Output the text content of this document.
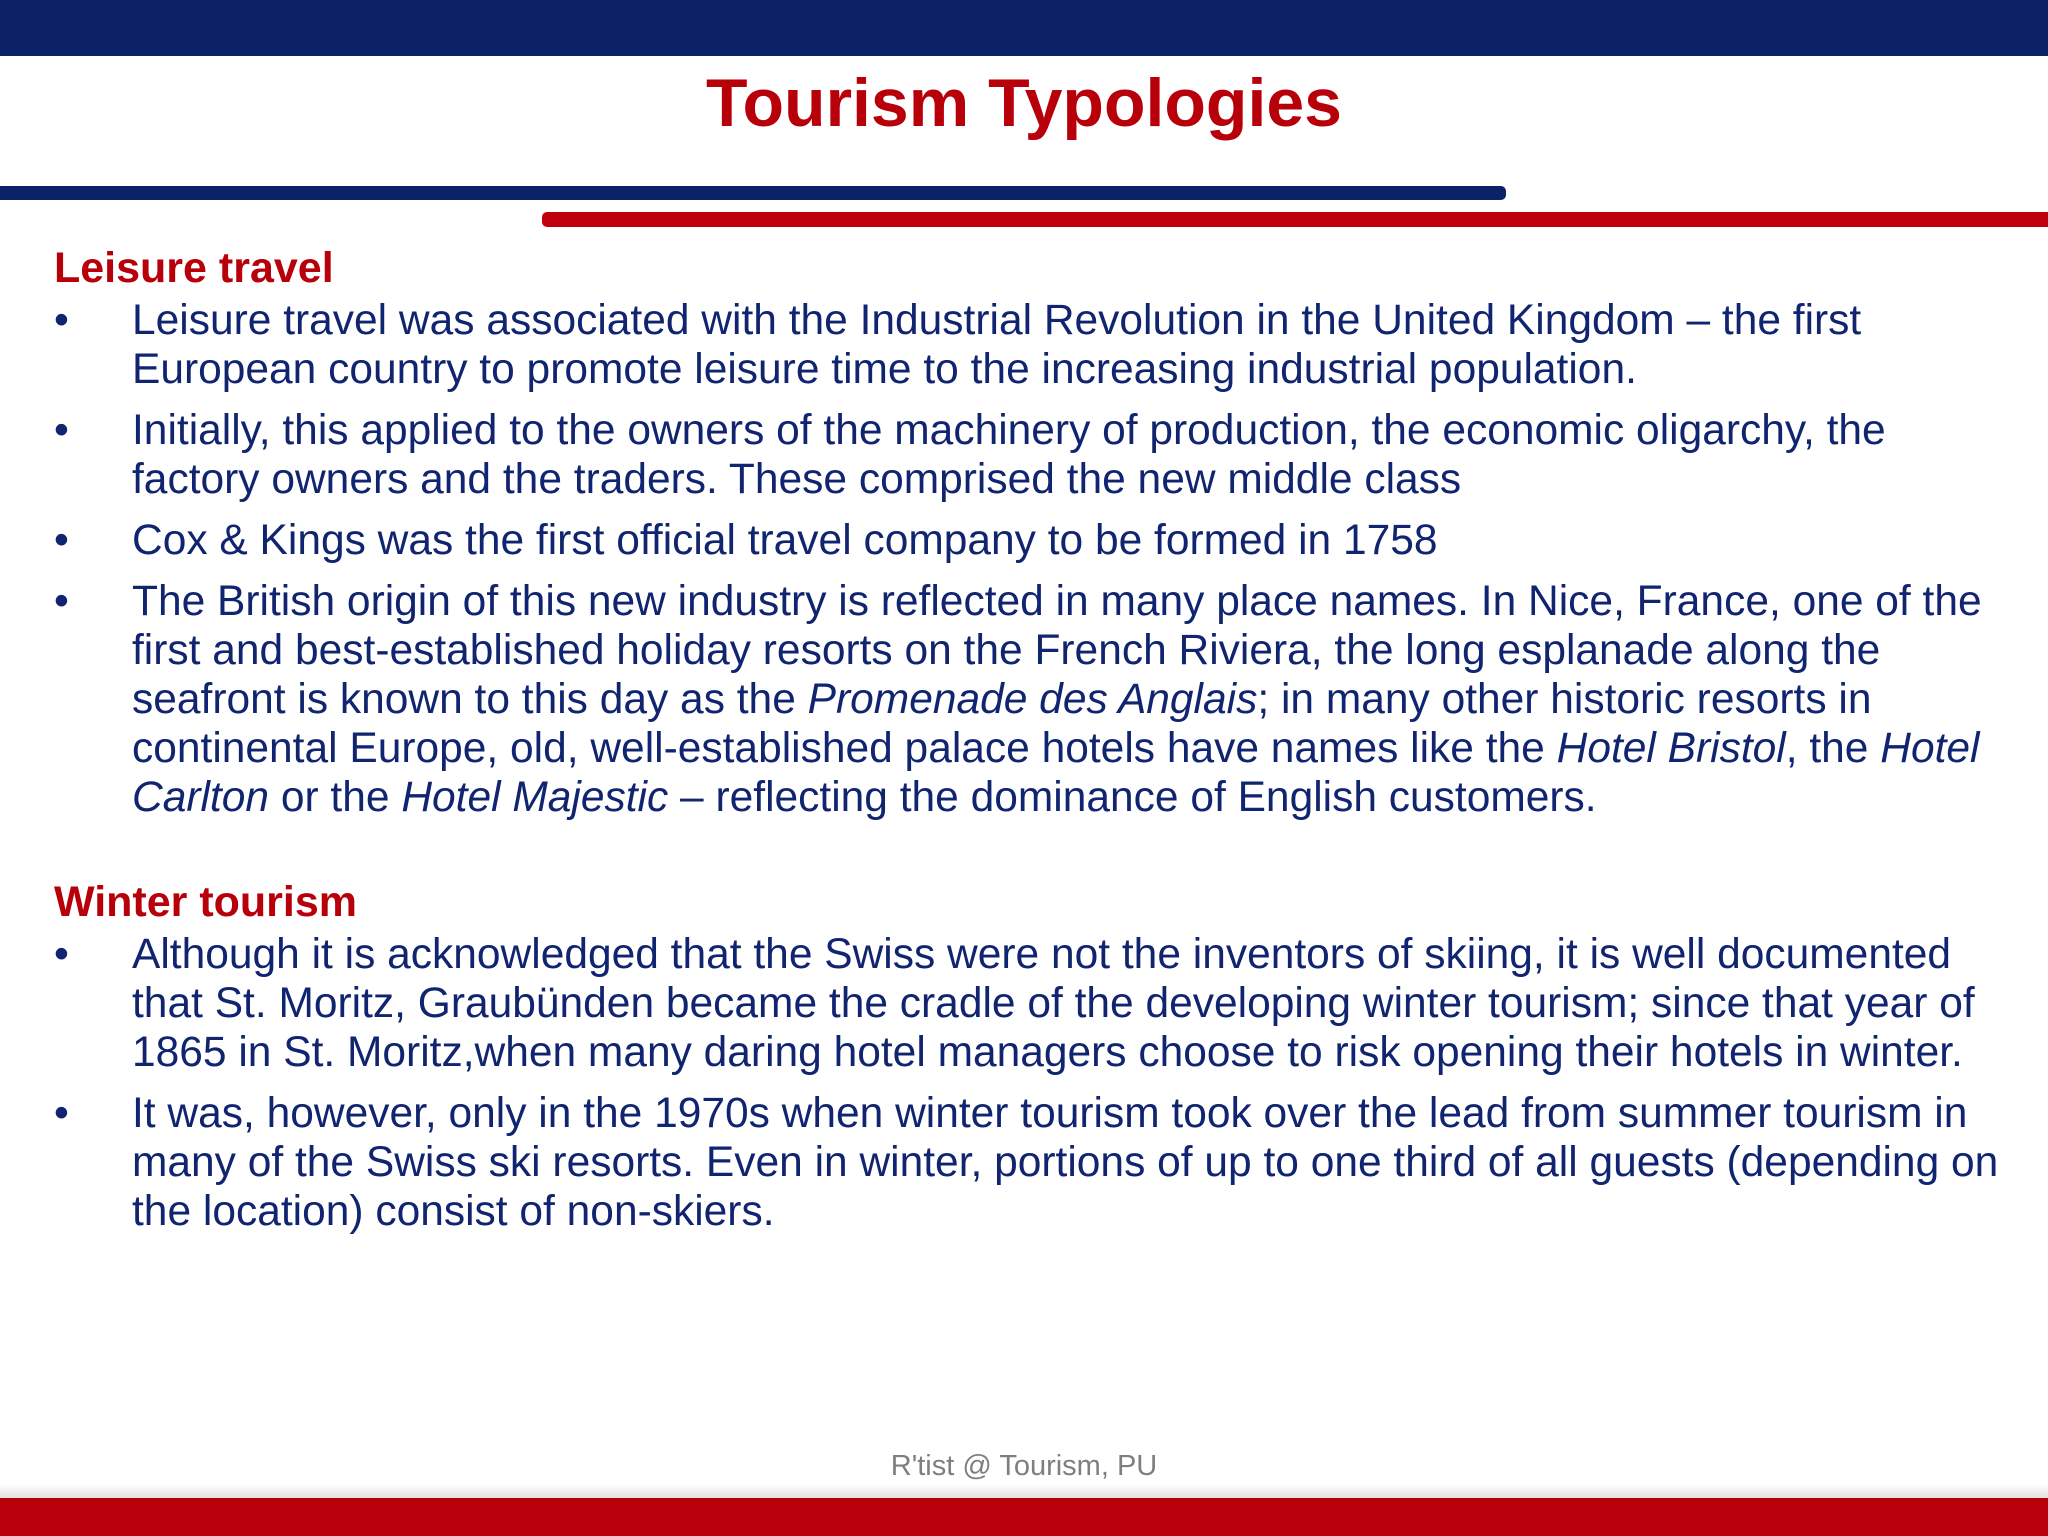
Tourism Typologies
Leisure travel
•	Leisure travel was associated with the Industrial Revolution in the United Kingdom – the first European country to promote leisure time to the increasing industrial population.
•	Initially, this applied to the owners of the machinery of production, the economic oligarchy, the factory owners and the traders. These comprised the new middle class
•	Cox & Kings was the first official travel company to be formed in 1758
•	The British origin of this new industry is reflected in many place names. In Nice, France, one of the first and best-established holiday resorts on the French Riviera, the long esplanade along the seafront is known to this day as the Promenade des Anglais; in many other historic resorts in continental Europe, old, well-established palace hotels have names like the Hotel Bristol, the Hotel Carlton or the Hotel Majestic – reflecting the dominance of English customers.
Winter tourism
•	Although it is acknowledged that the Swiss were not the inventors of skiing, it is well documented that St. Moritz, Graubünden became the cradle of the developing winter tourism; since that year of 1865 in St. Moritz,when many daring hotel managers choose to risk opening their hotels in winter.
•	It was, however, only in the 1970s when winter tourism took over the lead from summer tourism in many of the Swiss ski resorts. Even in winter, portions of up to one third of all guests (depending on the location) consist of non-skiers.
R'tist @ Tourism, PU
